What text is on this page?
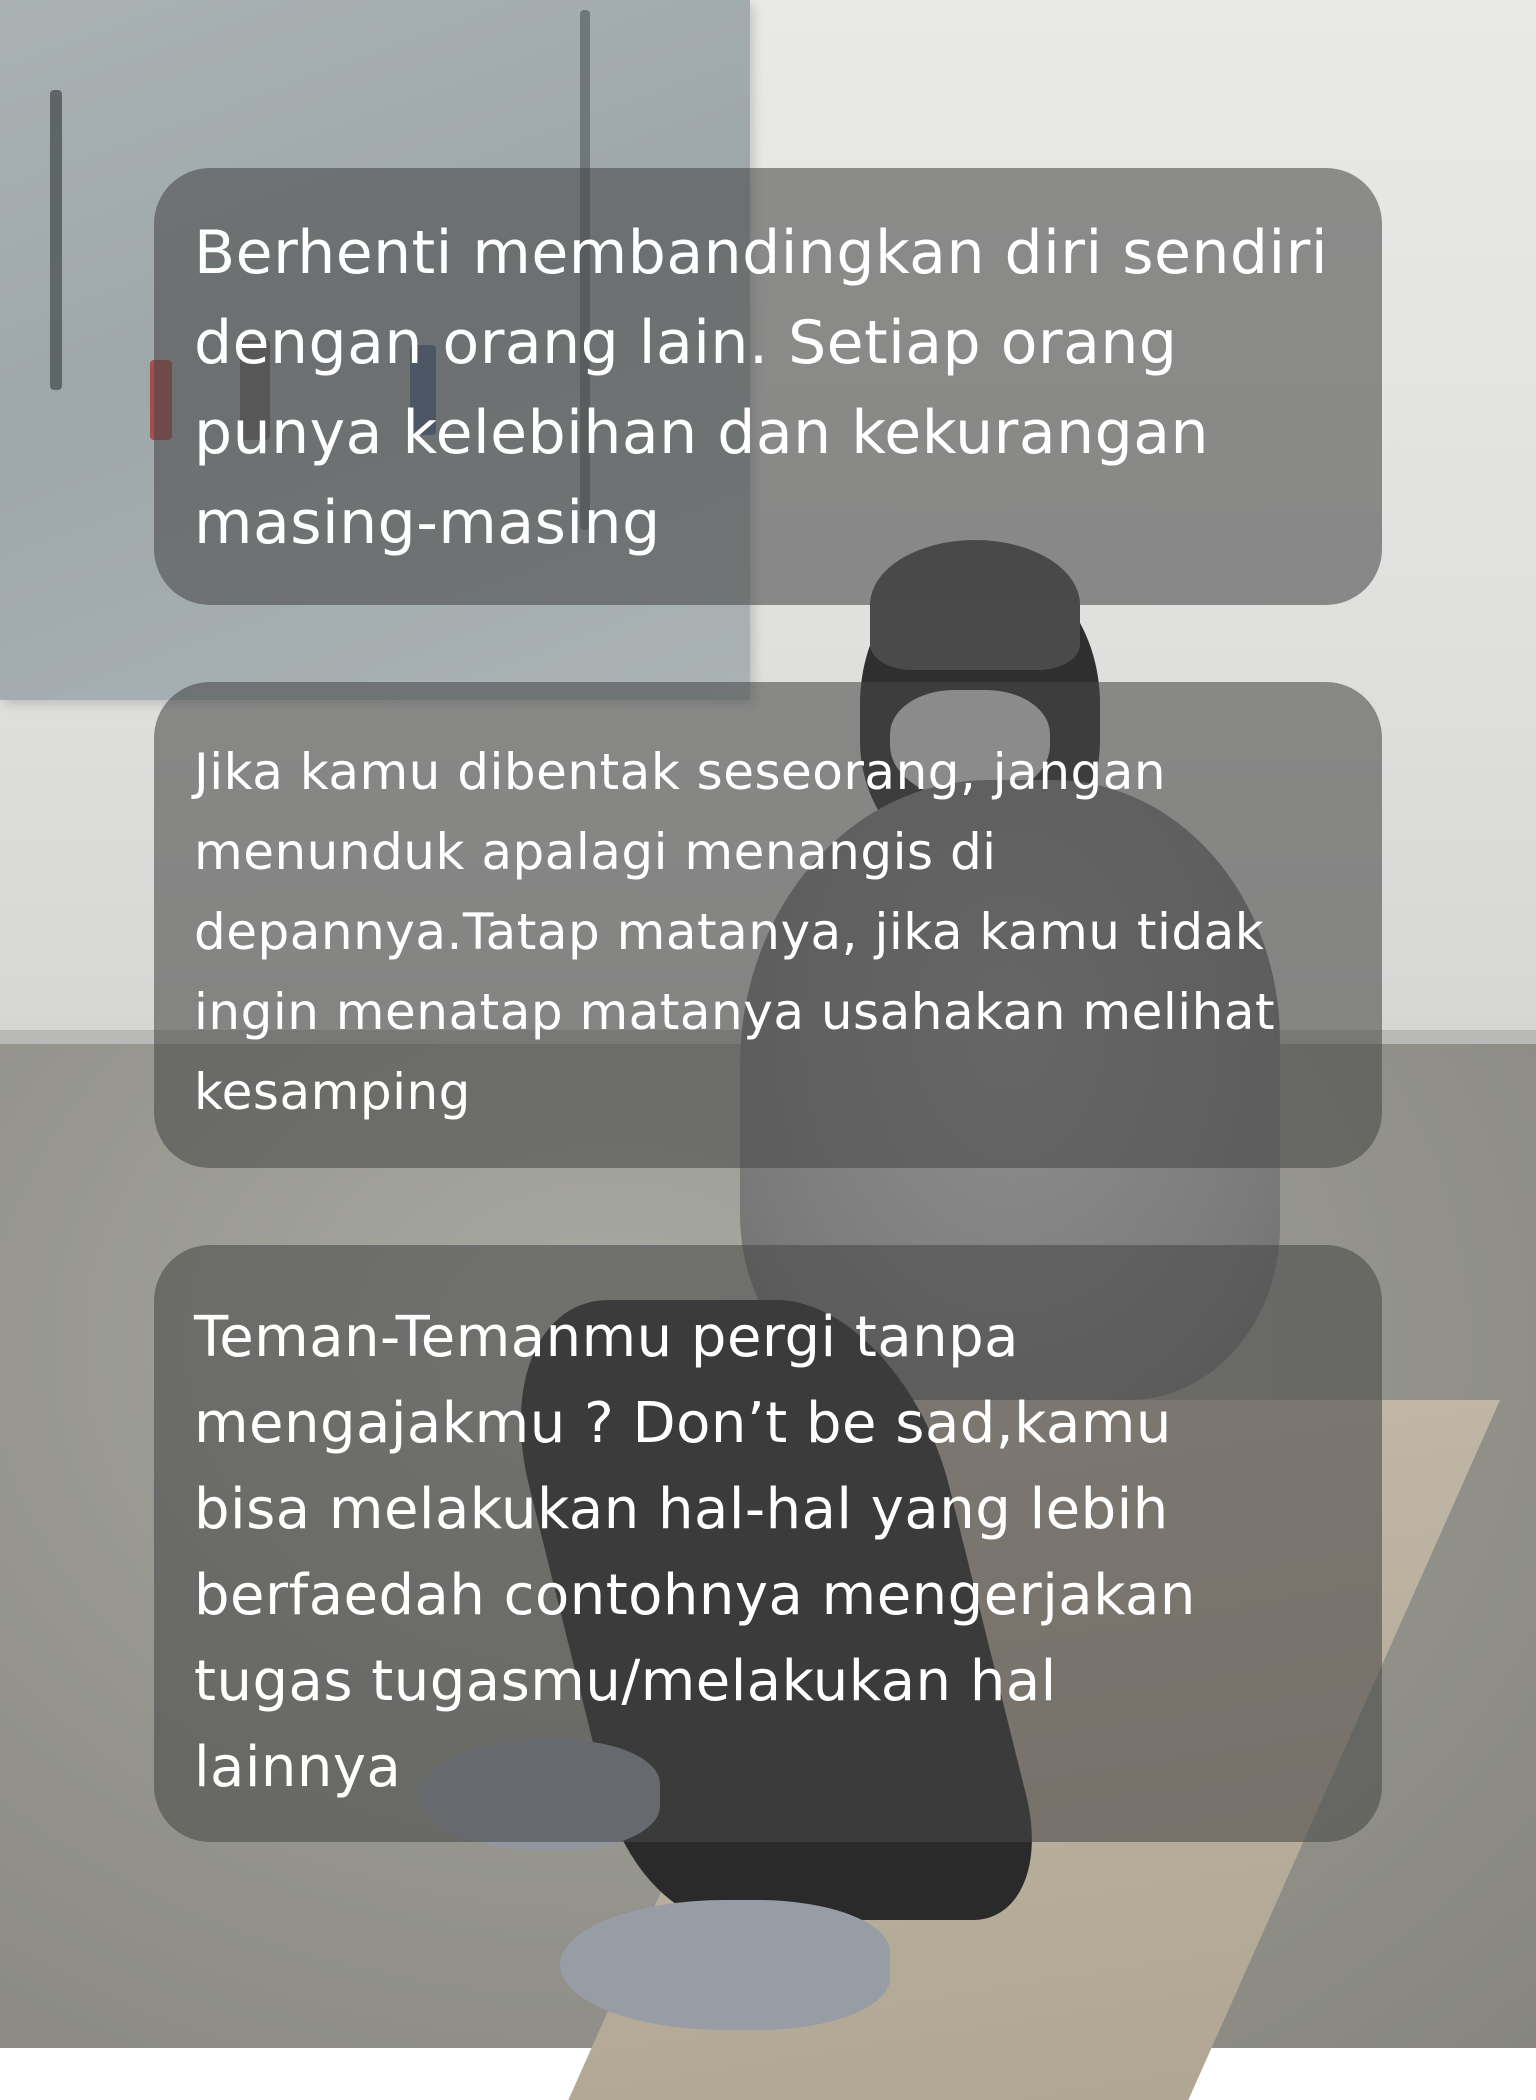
Berhenti membandingkan diri sendiri
dengan orang lain. Setiap orang
punya kelebihan dan kekurangan
masing-masing

Jika kamu dibentak seseorang, jangan
menunduk apalagi menangis di
depannya.Tatap matanya, jika kamu tidak
ingin menatap matanya usahakan melihat
kesamping

Teman-Temanmu pergi tanpa
mengajakmu ? Don’t be sad,kamu
bisa melakukan hal-hal yang lebih
berfaedah contohnya mengerjakan
tugas tugasmu/melakukan hal
lainnya
